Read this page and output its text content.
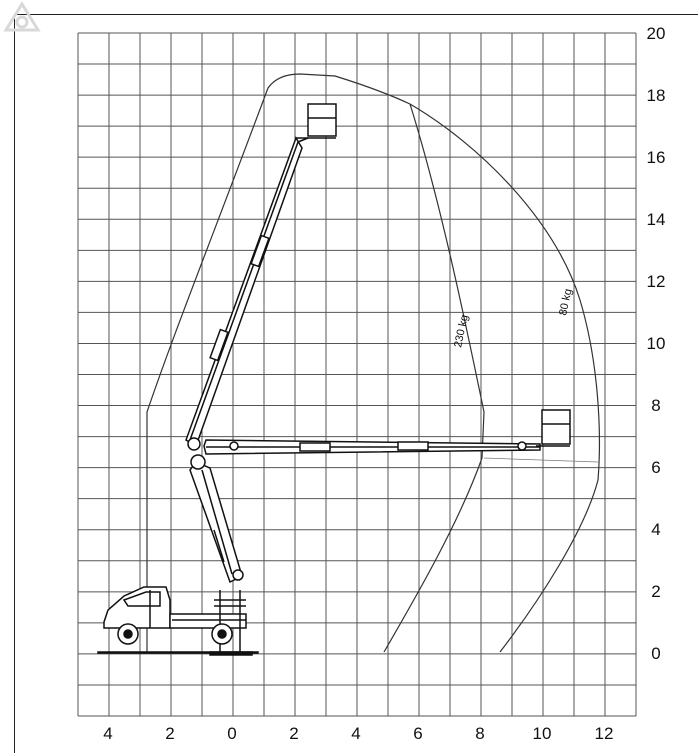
230 kg
80 kg
4	2	0	2	4	6	8	10	12
20
18
16
14
12
10
8
6
4
2
0
